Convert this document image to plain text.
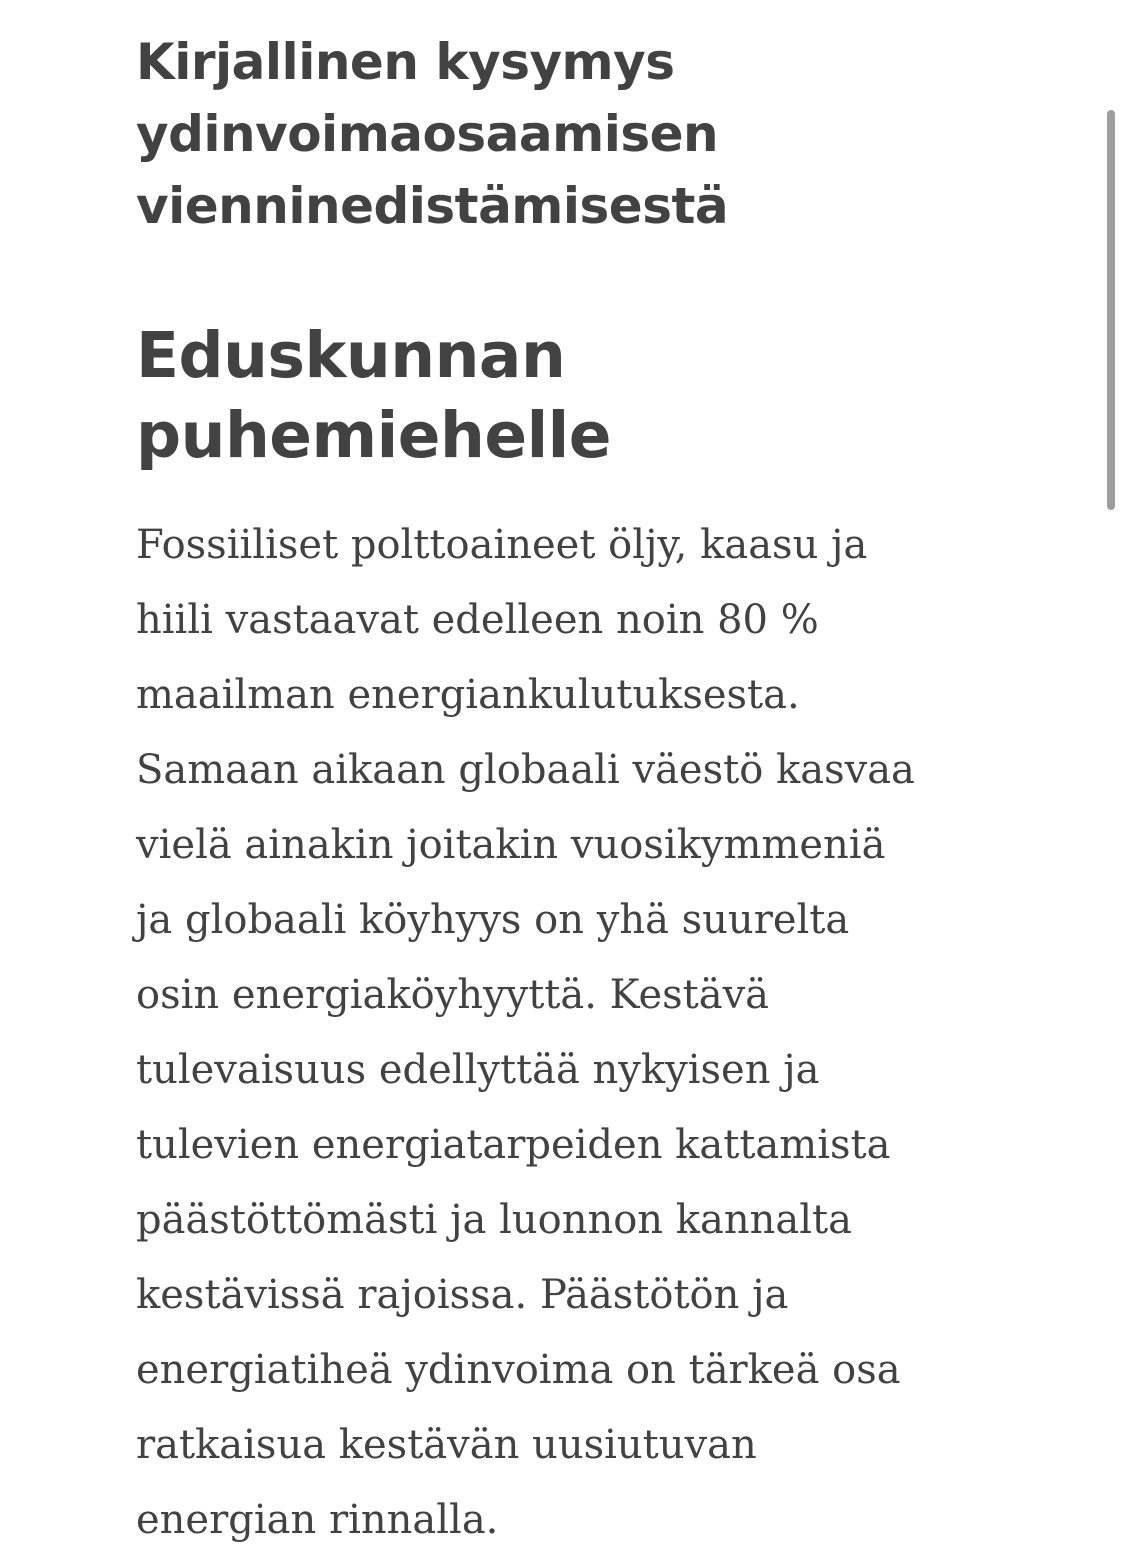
Kirjallinen kysymys
ydinvoimaosaamisen
vienninedistämisestä
Eduskunnan puhemiehelle

Fossiiliset polttoaineet öljy, kaasu ja
hiili vastaavat edelleen noin 80 %
maailman energiankulutuksesta.
Samaan aikaan globaali väestö kasvaa
vielä ainakin joitakin vuosikymmeniä
ja globaali köyhyys on yhä suurelta
osin energiaköyhyyttä. Kestävä
tulevaisuus edellyttää nykyisen ja
tulevien energiatarpeiden kattamista
päästöttömästi ja luonnon kannalta
kestävissä rajoissa. Päästötön ja
energiatiheä ydinvoima on tärkeä osa
ratkaisua kestävän uusiutuvan
energian rinnalla.
